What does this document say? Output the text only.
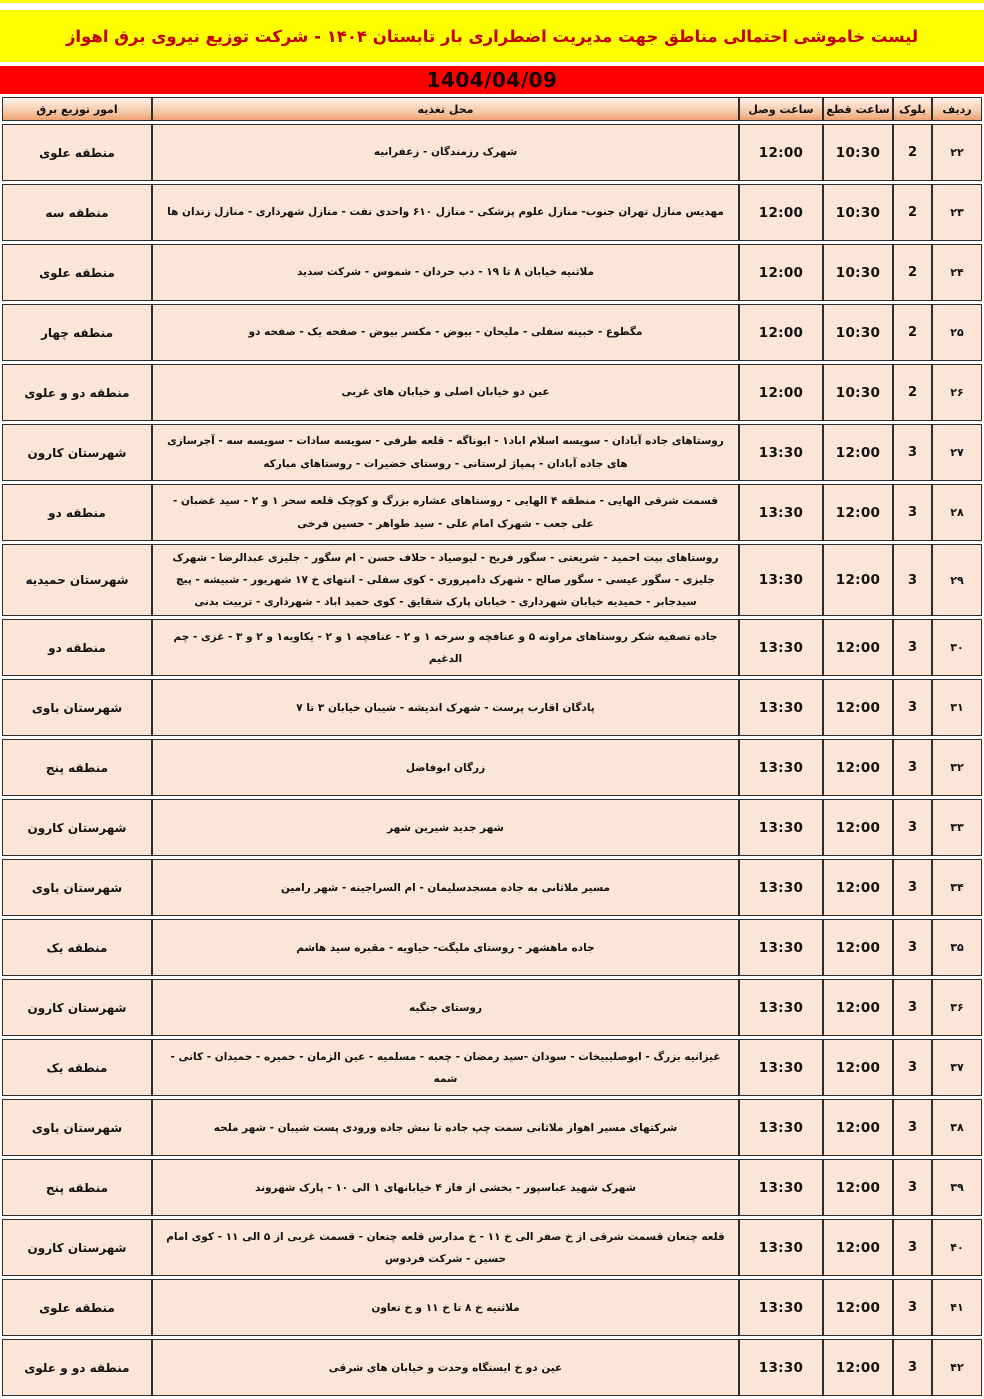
لیست خاموشی احتمالی مناطق جهت مدیریت اضطراری بار تابستان ۱۴۰۴ - شرکت توزیع نیروی برق اهواز
1404/04/09
ردیف	بلوک	ساعت قطع	ساعت وصل	محل تغذیه	امور توزیع برق
۲۲	2	10:30	12:00	شهرک رزمندگان - زعفرانیه	منطقه علوی
۲۳	2	10:30	12:00	مهدیس منازل تهران جنوب- منازل علوم پزشکی - منازل ۶۱۰ واحدی نفت - منازل شهرداری - منازل زندان ها	منطقه سه
۲۴	2	10:30	12:00	ملاثنیه خیابان ۸ تا ۱۹ - دب حردان - شموس - شرکت سدید	منطقه علوی
۲۵	2	10:30	12:00	مگطوع - خبینه سفلی - ملیحان - بیوض - مکسر بیوض - صفحه یک - صفحه دو	منطقه چهار
۲۶	2	10:30	12:00	عین دو خیابان اصلی و خیابان های غربی	منطقه دو و علوی
۲۷	3	12:00	13:30	روستاهای جاده آبادان - سویسه اسلام اباد۱ - ابوناگه - قلعه طرفی - سویسه سادات - سویسه سه - آجرسازی های جاده آبادان - پمپاژ لرستانی - روستای خضیرات - روستاهای مبارکه	شهرستان کارون
۲۸	3	12:00	13:30	قسمت شرقی الهایی - منطقه ۴ الهایی - روستاهای عشاره بزرگ و کوچک قلعه سحر ۱ و ۲ - سید غضبان - علی جعب - شهرک امام علی - سید طواهر - حسین فرخی	منطقه دو
۲۹	3	12:00	13:30	روستاهای بیت احمید - شریعتی - سگور فریح - لیوصیاد - حلاف حسن - ام سگور - جلیزی عبدالرضا - شهرک جلیزی - سگور عیسی - سگور صالح - شهرک دامپروری - کوی سفلی - انتهای خ ۱۷ شهریور - شبیشه - پیچ سیدجابر - حمیدیه خیابان شهرداری - خیابان پارک شقایق - کوی حمید اباد - شهرداری - تربیت بدنی	شهرستان حمیدیه
۳۰	3	12:00	13:30	جاده تصفیه شکر روستاهای مراونه ۵ و عنافچه و سرخه ۱ و ۲ - عنافچه ۱ و ۲ - یکاویه۱ و ۲ و ۳ - غزی - چم الدغیم	منطقه دو
۳۱	3	12:00	13:30	پادگان اقارب پرست - شهرک اندیشه - شیبان خیابان ۳ تا ۷	شهرستان باوی
۳۲	3	12:00	13:30	زرگان ابوفاضل	منطقه پنج
۳۳	3	12:00	13:30	شهر جدید شیرین شهر	شهرستان کارون
۳۴	3	12:00	13:30	مسیر ملاثانی به جاده مسجدسلیمان - ام السراجینه - شهر رامین	شهرستان باوی
۳۵	3	12:00	13:30	جاده ماهشهر - روستای ملیگت- حیاویه - مقبره سید هاشم	منطقه یک
۳۶	3	12:00	13:30	روستای جنگیه	شهرستان کارون
۳۷	3	12:00	13:30	غیزانیه بزرگ - ابوصلیبیخات - سودان -سید رمضان - چعبه - مسلمیه - عین الزمان - حمیره - حمیدان - کانی - شمه	منطقه یک
۳۸	3	12:00	13:30	شرکتهای مسیر اهواز ملاثانی سمت چپ جاده تا نبش جاده ورودی پست شیبان - شهر ملحه	شهرستان باوی
۳۹	3	12:00	13:30	شهرک شهید عباسپور - بخشی از فاز ۴ خیابانهای ۱ الی ۱۰ - پارک شهروند	منطقه پنج
۴۰	3	12:00	13:30	قلعه چنعان قسمت شرقی از خ صفر الی خ ۱۱ - خ مدارس قلعه چنعان - قسمت غربی از ۵ الی ۱۱ - کوی امام حسین - شرکت فردوس	شهرستان کارون
۴۱	3	12:00	13:30	ملاثنیه خ ۸ تا خ ۱۱ و خ تعاون	منطقه علوی
۴۲	3	12:00	13:30	عین دو خ ایستگاه وحدت و خیابان های شرقی	منطقه دو و علوی
